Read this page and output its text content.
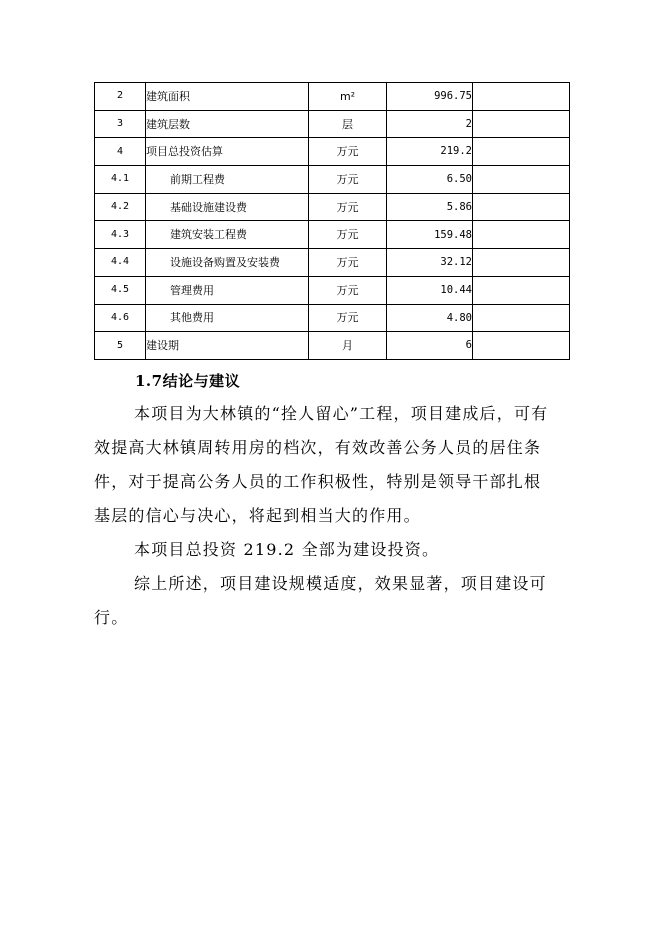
2	建筑面积	m²	996.75	
3	建筑层数	层	2	
4	项目总投资估算	万元	219.2	
4.1	前期工程费	万元	6.50	
4.2	基础设施建设费	万元	5.86	
4.3	建筑安装工程费	万元	159.48	
4.4	设施设备购置及安装费	万元	32.12	
4.5	管理费用	万元	10.44	
4.6	其他费用	万元	4.80	
5	建设期	月	6	
1.7结论与建议

本项目为大林镇的“拴人留心”工程，项目建成后，可有效提高大林镇周转用房的档次，有效改善公务人员的居住条件，对于提高公务人员的工作积极性，特别是领导干部扎根基层的信心与决心，将起到相当大的作用。

本项目总投资 219.2 全部为建设投资。

综上所述，项目建设规模适度，效果显著，项目建设可行。
